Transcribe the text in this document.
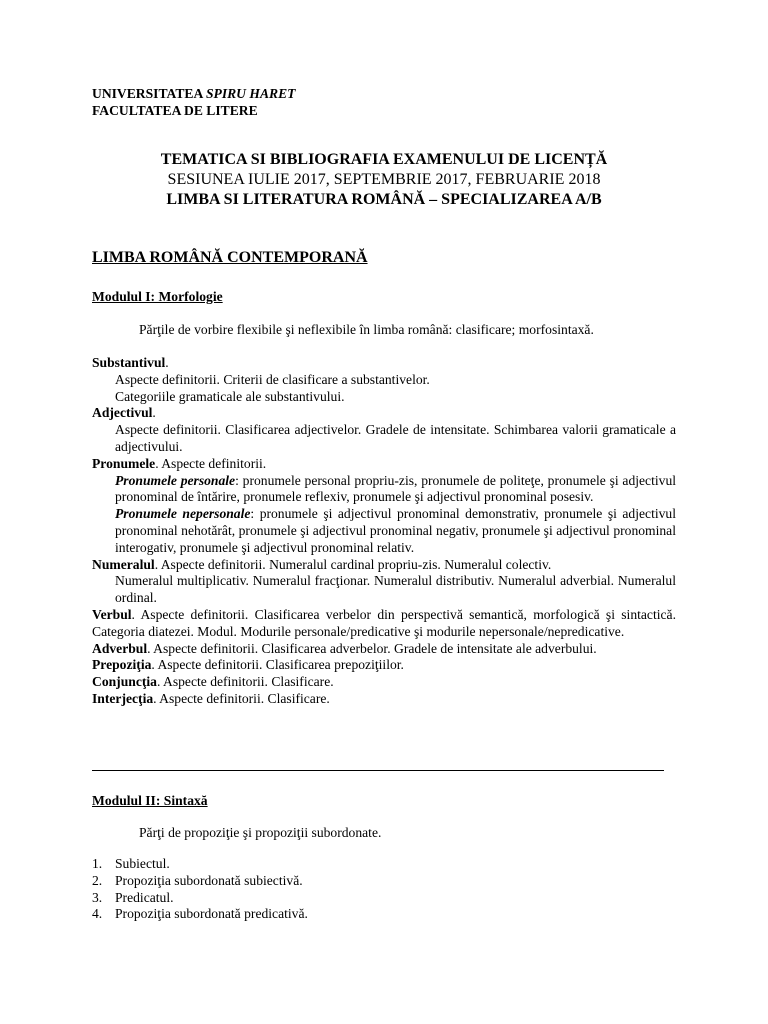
UNIVERSITATEA SPIRU HARET
FACULTATEA DE LITERE
TEMATICA SI BIBLIOGRAFIA EXAMENULUI DE LICENȚĂ
SESIUNEA IULIE 2017, SEPTEMBRIE 2017, FEBRUARIE 2018
LIMBA SI LITERATURA ROMÂNĂ – SPECIALIZAREA A/B
LIMBA ROMÂNĂ CONTEMPORANĂ
Modulul I: Morfologie
Părţile de vorbire flexibile şi neflexibile în limba română: clasificare; morfosintaxă.
Substantivul.
Aspecte definitorii. Criterii de clasificare a substantivelor.
Categoriile gramaticale ale substantivului.
Adjectivul.
Aspecte definitorii. Clasificarea adjectivelor. Gradele de intensitate. Schimbarea valorii gramaticale a adjectivului.
Pronumele. Aspecte definitorii.
Pronumele personale: pronumele personal propriu-zis, pronumele de politeţe, pronumele şi adjectivul pronominal de întărire, pronumele reflexiv, pronumele şi adjectivul pronominal posesiv.
Pronumele nepersonale: pronumele şi adjectivul pronominal demonstrativ, pronumele şi adjectivul pronominal nehotărât, pronumele şi adjectivul pronominal negativ, pronumele şi adjectivul pronominal interogativ, pronumele şi adjectivul pronominal relativ.
Numeralul. Aspecte definitorii. Numeralul cardinal propriu-zis. Numeralul colectiv.
Numeralul multiplicativ. Numeralul fracţionar. Numeralul distributiv. Numeralul adverbial. Numeralul ordinal.
Verbul. Aspecte definitorii. Clasificarea verbelor din perspectivă semantică, morfologică şi sintactică. Categoria diatezei. Modul. Modurile personale/predicative şi modurile nepersonale/nepredicative.
Adverbul. Aspecte definitorii. Clasificarea adverbelor. Gradele de intensitate ale adverbului.
Prepoziţia. Aspecte definitorii. Clasificarea prepoziţiilor.
Conjuncţia. Aspecte definitorii. Clasificare.
Interjecţia. Aspecte definitorii. Clasificare.
Modulul II: Sintaxă
Părţi de propoziţie şi propoziţii subordonate.
1. Subiectul.
2. Propoziţia subordonată subiectivă.
3. Predicatul.
4. Propoziţia subordonată predicativă.
